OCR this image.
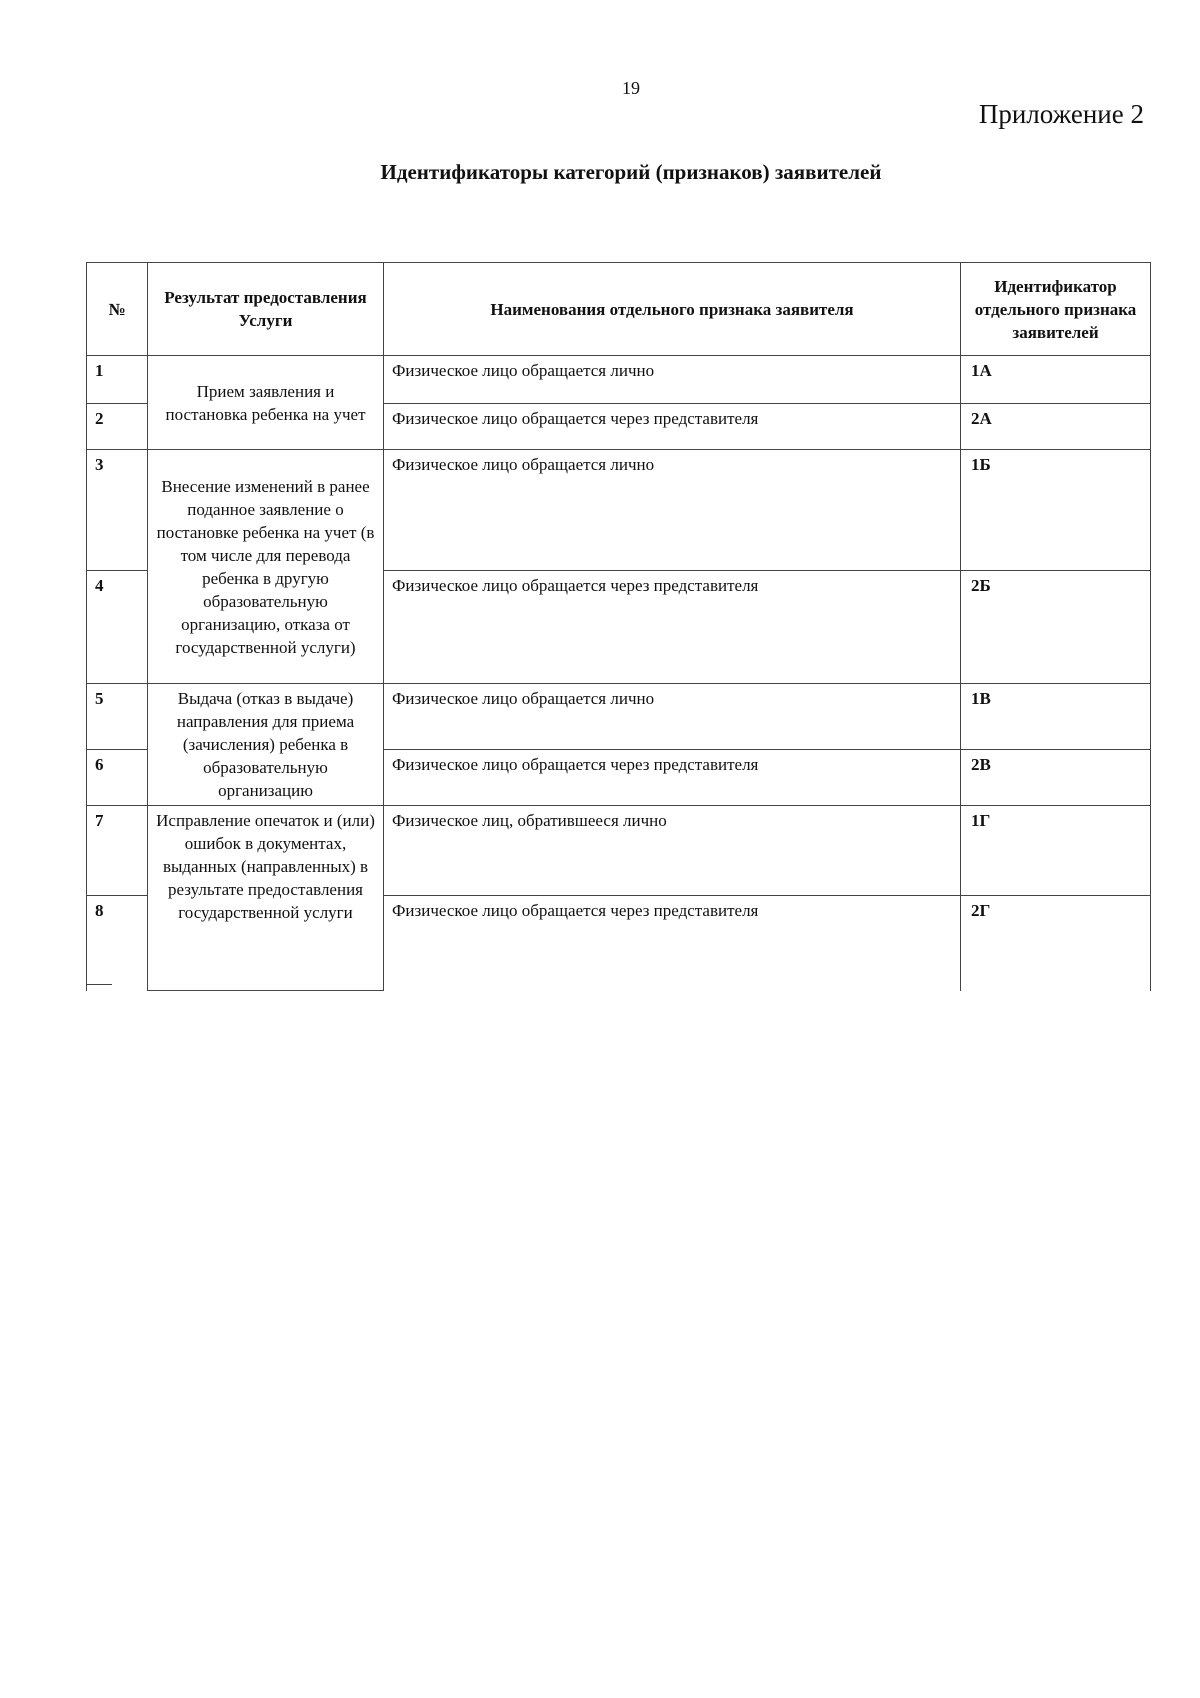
19
Приложение 2
Идентификаторы категорий (признаков) заявителей
№	Результат предоставления Услуги	Наименования отдельного признака заявителя	Идентификатор отдельного признака заявителей
1	Прием заявления и постановка ребенка на учет	Физическое лицо обращается лично	1А
2		Физическое лицо обращается через представителя	2А
3	Внесение изменений в ранее поданное заявление о постановке ребенка на учет (в том числе для перевода ребенка в другую образовательную организацию, отказа от государственной услуги)	Физическое лицо обращается лично	1Б
4		Физическое лицо обращается через представителя	2Б
5	Выдача (отказ в выдаче) направления для приема (зачисления) ребенка в образовательную организацию	Физическое лицо обращается лично	1В
6		Физическое лицо обращается через представителя	2В
7	Исправление опечаток и (или) ошибок в документах, выданных (направленных) в результате предоставления государственной услуги	Физическое лиц, обратившееся лично	1Г
8		Физическое лицо обращается через представителя	2Г
